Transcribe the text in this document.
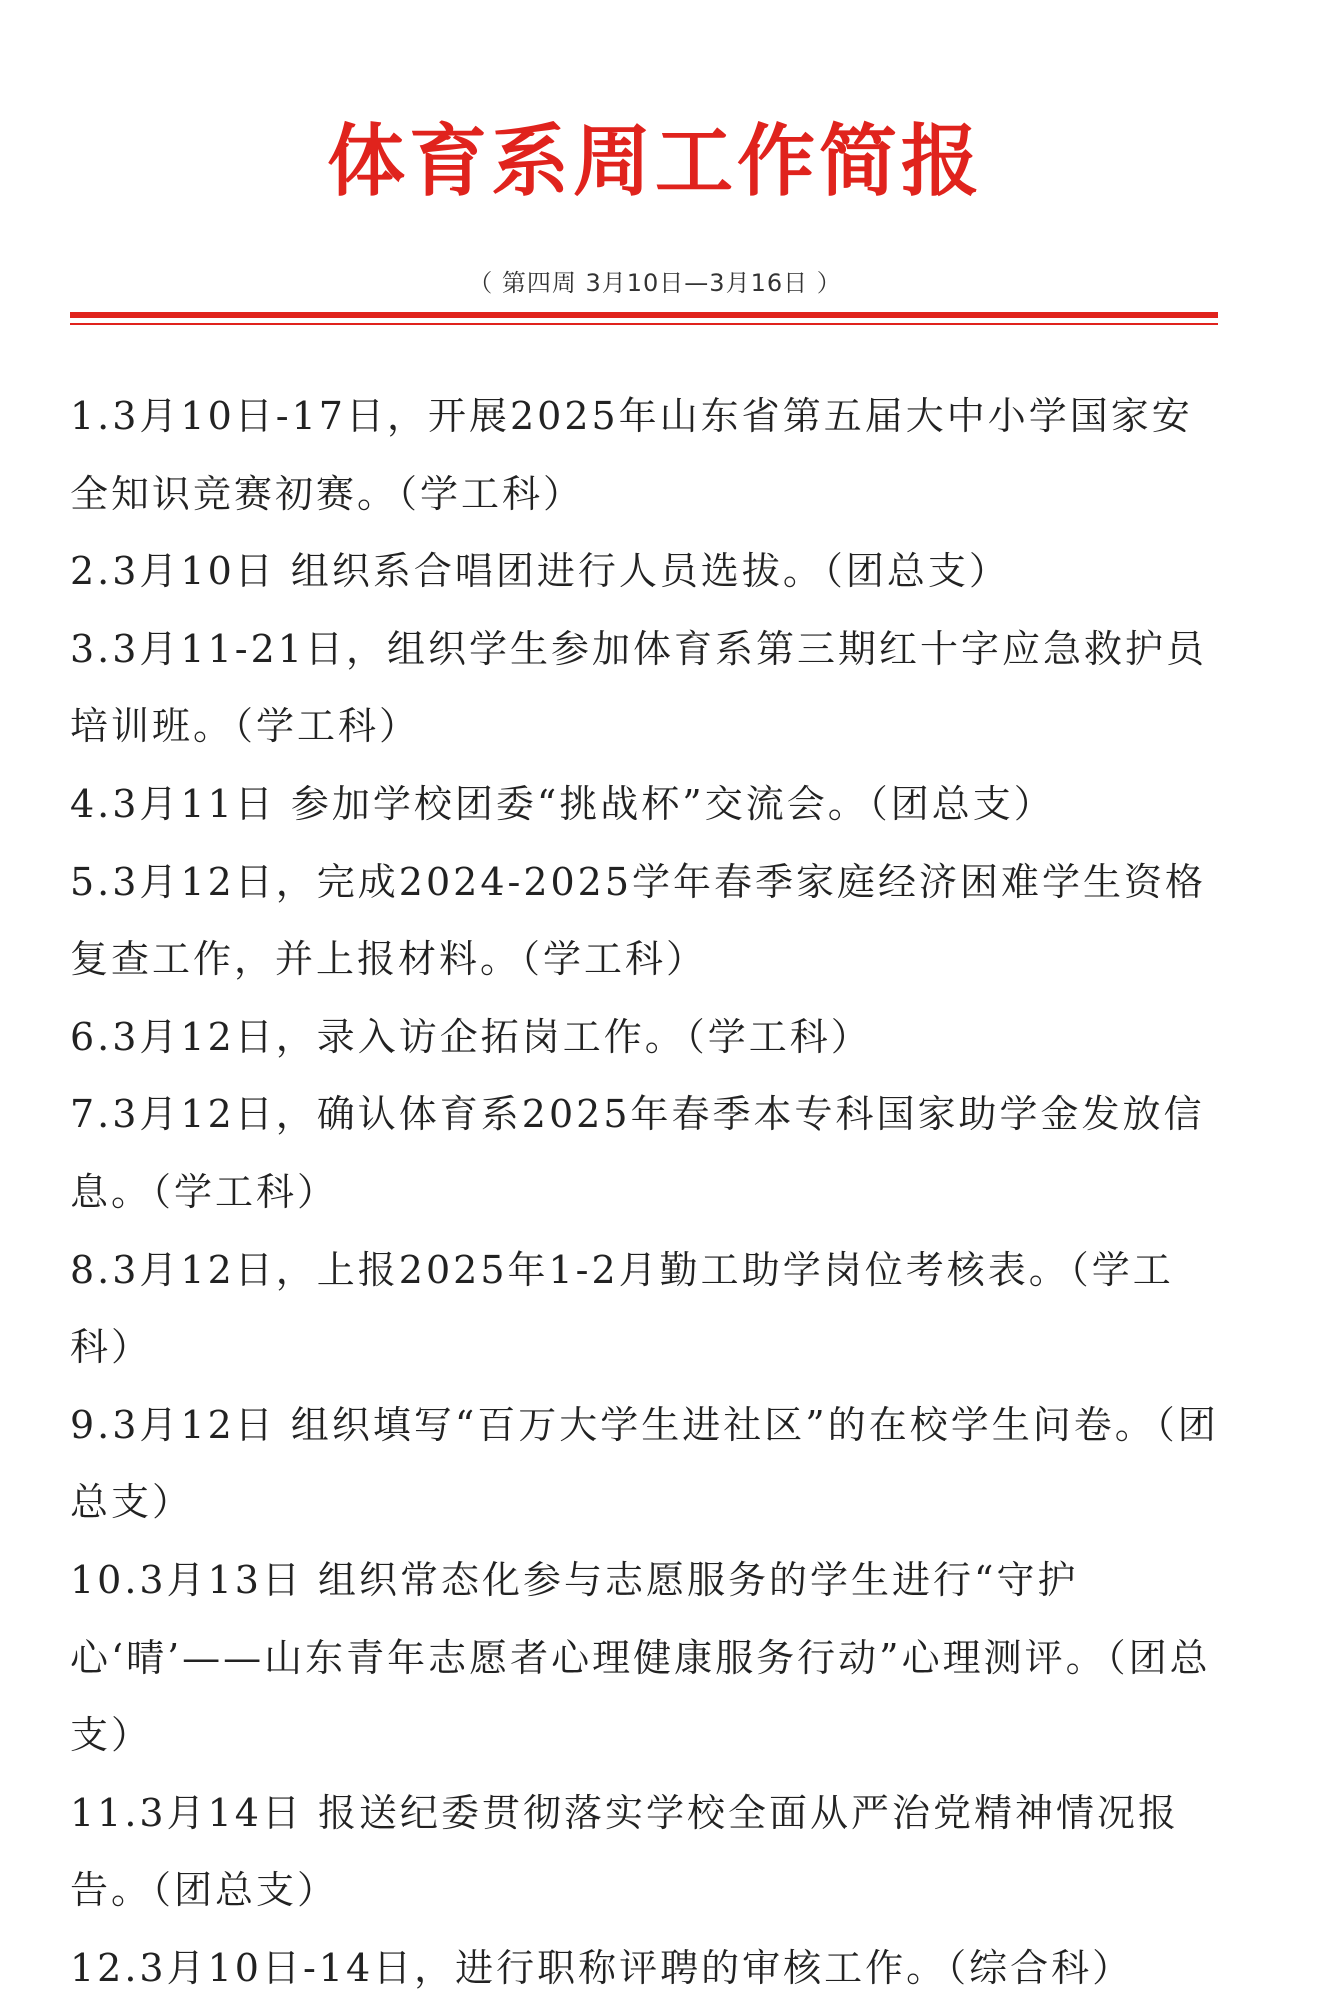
体育系周工作简报
（ 第四周 3月10日—3月16日 ）

1.3月10日-17日，开展2025年山东省第五届大中小学国家安全知识竞赛初赛。（学工科）

2.3月10日 组织系合唱团进行人员选拔。（团总支）

3.3月11-21日，组织学生参加体育系第三期红十字应急救护员培训班。（学工科）

4.3月11日 参加学校团委“挑战杯”交流会。（团总支）

5.3月12日，完成2024-2025学年春季家庭经济困难学生资格复查工作，并上报材料。（学工科）

6.3月12日，录入访企拓岗工作。（学工科）

7.3月12日，确认体育系2025年春季本专科国家助学金发放信息。（学工科）

8.3月12日，上报2025年1-2月勤工助学岗位考核表。（学工科）

9.3月12日 组织填写“百万大学生进社区”的在校学生问卷。（团总支）

10.3月13日 组织常态化参与志愿服务的学生进行“守护心‘晴’——山东青年志愿者心理健康服务行动”心理测评。（团总支）

11.3月14日 报送纪委贯彻落实学校全面从严治党精神情况报告。（团总支）

12.3月10日-14日，进行职称评聘的审核工作。（综合科）
